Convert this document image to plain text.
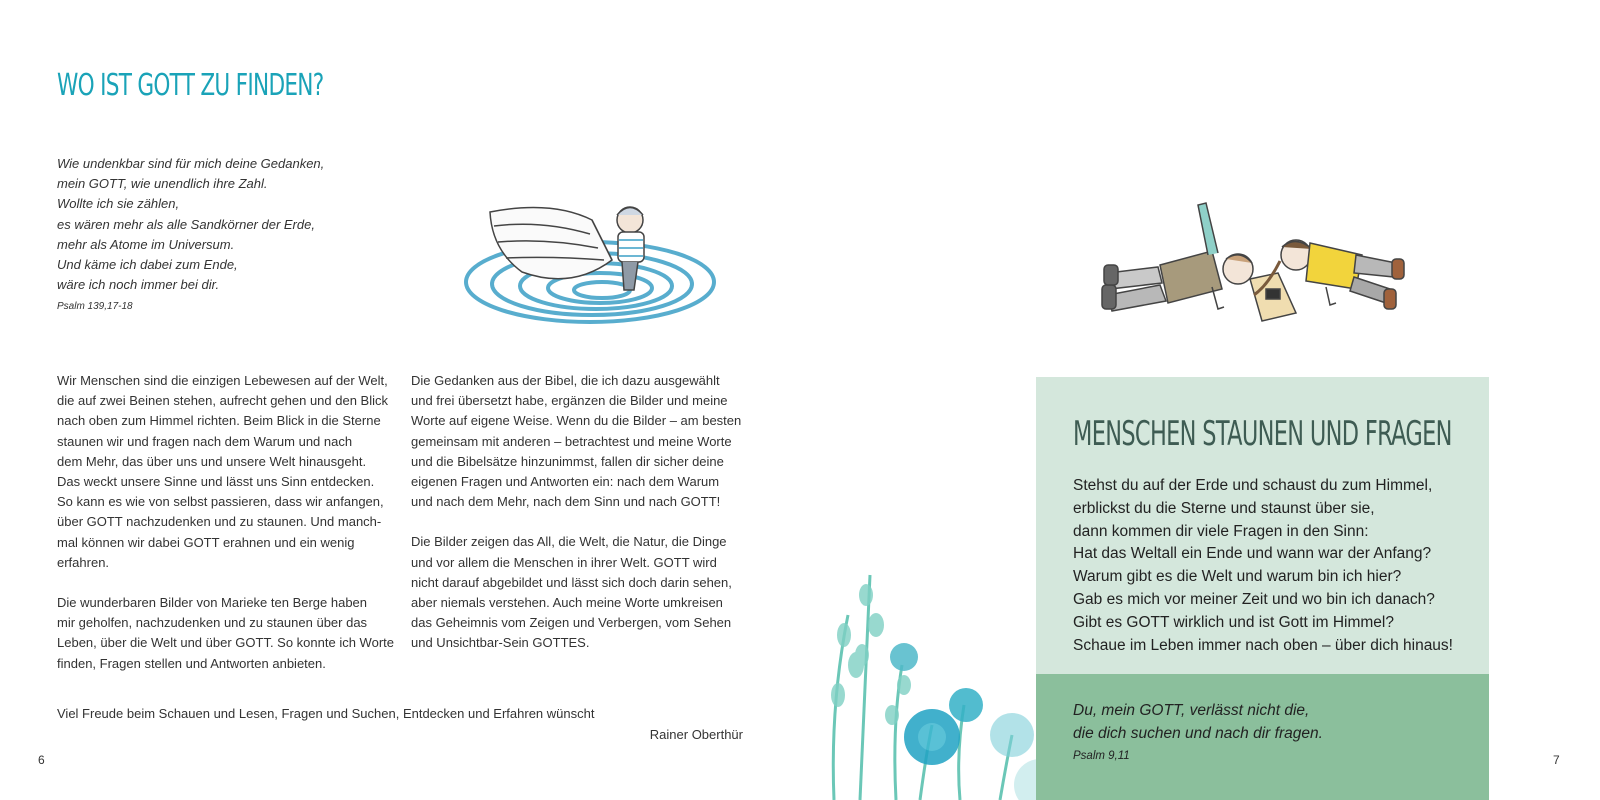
WO IST GOTT ZU FINDEN?
Wie undenkbar sind für mich deine Gedanken,
mein GOTT, wie unendlich ihre Zahl.
Wollte ich sie zählen,
es wären mehr als alle Sandkörner der Erde,
mehr als Atome im Universum.
Und käme ich dabei zum Ende,
wäre ich noch immer bei dir.
Psalm 139,17-18

Wir Menschen sind die einzigen Lebewesen auf der Welt,
die auf zwei Beinen stehen, aufrecht gehen und den Blick
nach oben zum Himmel richten. Beim Blick in die Sterne
staunen wir und fragen nach dem Warum und nach
dem Mehr, das über uns und unsere Welt hinausgeht.
Das weckt unsere Sinne und lässt uns Sinn entdecken.
So kann es wie von selbst passieren, dass wir anfangen,
über GOTT nachzudenken und zu staunen. Und manch-
mal können wir dabei GOTT erahnen und ein wenig
erfahren.

Die wunderbaren Bilder von Marieke ten Berge haben
mir geholfen, nachzudenken und zu staunen über das
Leben, über die Welt und über GOTT. So konnte ich Worte
finden, Fragen stellen und Antworten anbieten.

Die Gedanken aus der Bibel, die ich dazu ausgewählt
und frei übersetzt habe, ergänzen die Bilder und meine
Worte auf eigene Weise. Wenn du die Bilder – am besten
gemeinsam mit anderen – betrachtest und meine Worte
und die Bibelsätze hinzunimmst, fallen dir sicher deine
eigenen Fragen und Antworten ein: nach dem Warum
und nach dem Mehr, nach dem Sinn und nach GOTT!

Die Bilder zeigen das All, die Welt, die Natur, die Dinge
und vor allem die Menschen in ihrer Welt. GOTT wird
nicht darauf abgebildet und lässt sich doch darin sehen,
aber niemals verstehen. Auch meine Worte umkreisen
das Geheimnis vom Zeigen und Verbergen, vom Sehen
und Unsichtbar-Sein GOTTES.

Viel Freude beim Schauen und Lesen, Fragen und Suchen, Entdecken und Erfahren wünscht
Rainer Oberthür
6
MENSCHEN STAUNEN UND FRAGEN
Stehst du auf der Erde und schaust du zum Himmel,
erblickst du die Sterne und staunst über sie,
dann kommen dir viele Fragen in den Sinn:
Hat das Weltall ein Ende und wann war der Anfang?
Warum gibt es die Welt und warum bin ich hier?
Gab es mich vor meiner Zeit und wo bin ich danach?
Gibt es GOTT wirklich und ist Gott im Himmel?
Schaue im Leben immer nach oben – über dich hinaus!
Du, mein GOTT, verlässt nicht die,
die dich suchen und nach dir fragen.
Psalm 9,11	7
